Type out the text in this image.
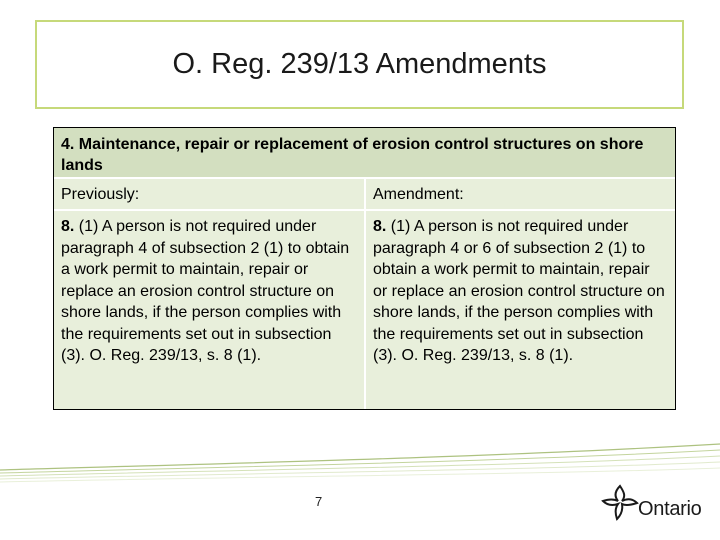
O. Reg. 239/13 Amendments
4. Maintenance, repair or replacement of erosion control structures on shore lands
Previously:	Amendment:
8. (1) A person is not required under paragraph 4 of subsection 2 (1) to obtain a work permit to maintain, repair or replace an erosion control structure on shore lands, if the person complies with the requirements set out in subsection (3). O. Reg. 239/13, s. 8 (1).
8. (1) A person is not required under paragraph 4 or 6 of subsection 2 (1) to obtain a work permit to maintain, repair or replace an erosion control structure on shore lands, if the person complies with the requirements set out in subsection (3). O. Reg. 239/13, s. 8 (1).
7	Ontario
